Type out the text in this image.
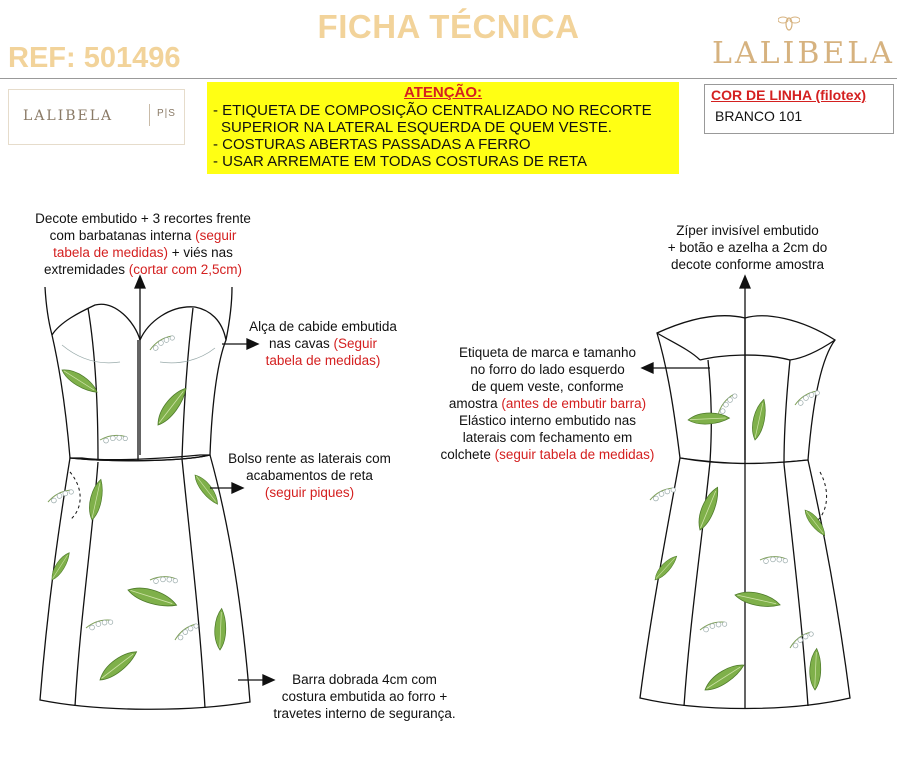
FICHA TÉCNICA
REF: 501496	LALIBELA
LALIBELA	P|S
ATENÇÃO:
- ETIQUETA DE COMPOSIÇÃO CENTRALIZADO NO RECORTE
SUPERIOR NA LATERAL ESQUERDA DE QUEM VESTE.
- COSTURAS ABERTAS PASSADAS A FERRO
- USAR ARREMATE EM TODAS COSTURAS DE RETA
COR DE LINHA (filotex)
BRANCO 101
Decote embutido + 3 recortes frente
com barbatanas interna (seguir
tabela de medidas) + viés nas
extremidades (cortar com 2,5cm)
Alça de cabide embutida
nas cavas (Seguir
tabela de medidas)
Bolso rente as laterais com
acabamentos de reta
(seguir piques)
Barra dobrada 4cm com
costura embutida ao forro +
travetes interno de segurança.
Zíper invisível embutido
+ botão e azelha a 2cm do
decote conforme amostra
Etiqueta de marca e tamanho
no forro do lado esquerdo
de quem veste, conforme
amostra (antes de embutir barra)
Elástico interno embutido nas
laterais com fechamento em
colchete (seguir tabela de medidas)
